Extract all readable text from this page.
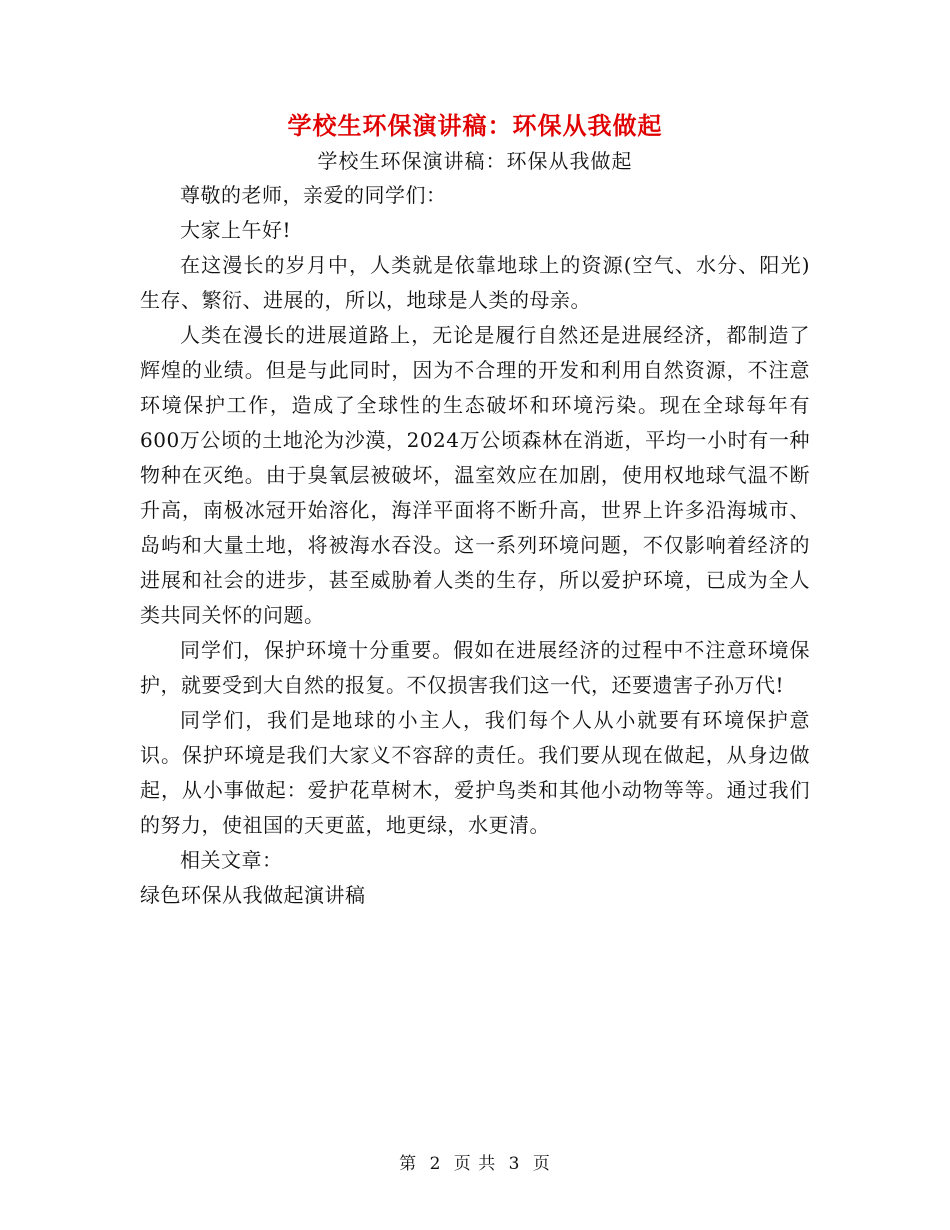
学校生环保演讲稿：环保从我做起
学校生环保演讲稿：环保从我做起

尊敬的老师，亲爱的同学们：

大家上午好!

在这漫长的岁月中，人类就是依靠地球上的资源(空气、水分、阳光)生存、繁衍、进展的，所以，地球是人类的母亲。

人类在漫长的进展道路上，无论是履行自然还是进展经济，都制造了辉煌的业绩。但是与此同时，因为不合理的开发和利用自然资源，不注意环境保护工作，造成了全球性的生态破坏和环境污染。现在全球每年有600万公顷的土地沦为沙漠，2024万公顷森林在消逝，平均一小时有一种物种在灭绝。由于臭氧层被破坏，温室效应在加剧，使用权地球气温不断升高，南极冰冠开始溶化，海洋平面将不断升高，世界上许多沿海城市、岛屿和大量土地，将被海水吞没。这一系列环境问题，不仅影响着经济的进展和社会的进步，甚至威胁着人类的生存，所以爱护环境，已成为全人类共同关怀的问题。

同学们，保护环境十分重要。假如在进展经济的过程中不注意环境保护，就要受到大自然的报复。不仅损害我们这一代，还要遗害子孙万代!

同学们，我们是地球的小主人，我们每个人从小就要有环境保护意识。保护环境是我们大家义不容辞的责任。我们要从现在做起，从身边做起，从小事做起：爱护花草树木，爱护鸟类和其他小动物等等。通过我们的努力，使祖国的天更蓝，地更绿，水更清。

相关文章：

绿色环保从我做起演讲稿

第 2 页 共 3 页
